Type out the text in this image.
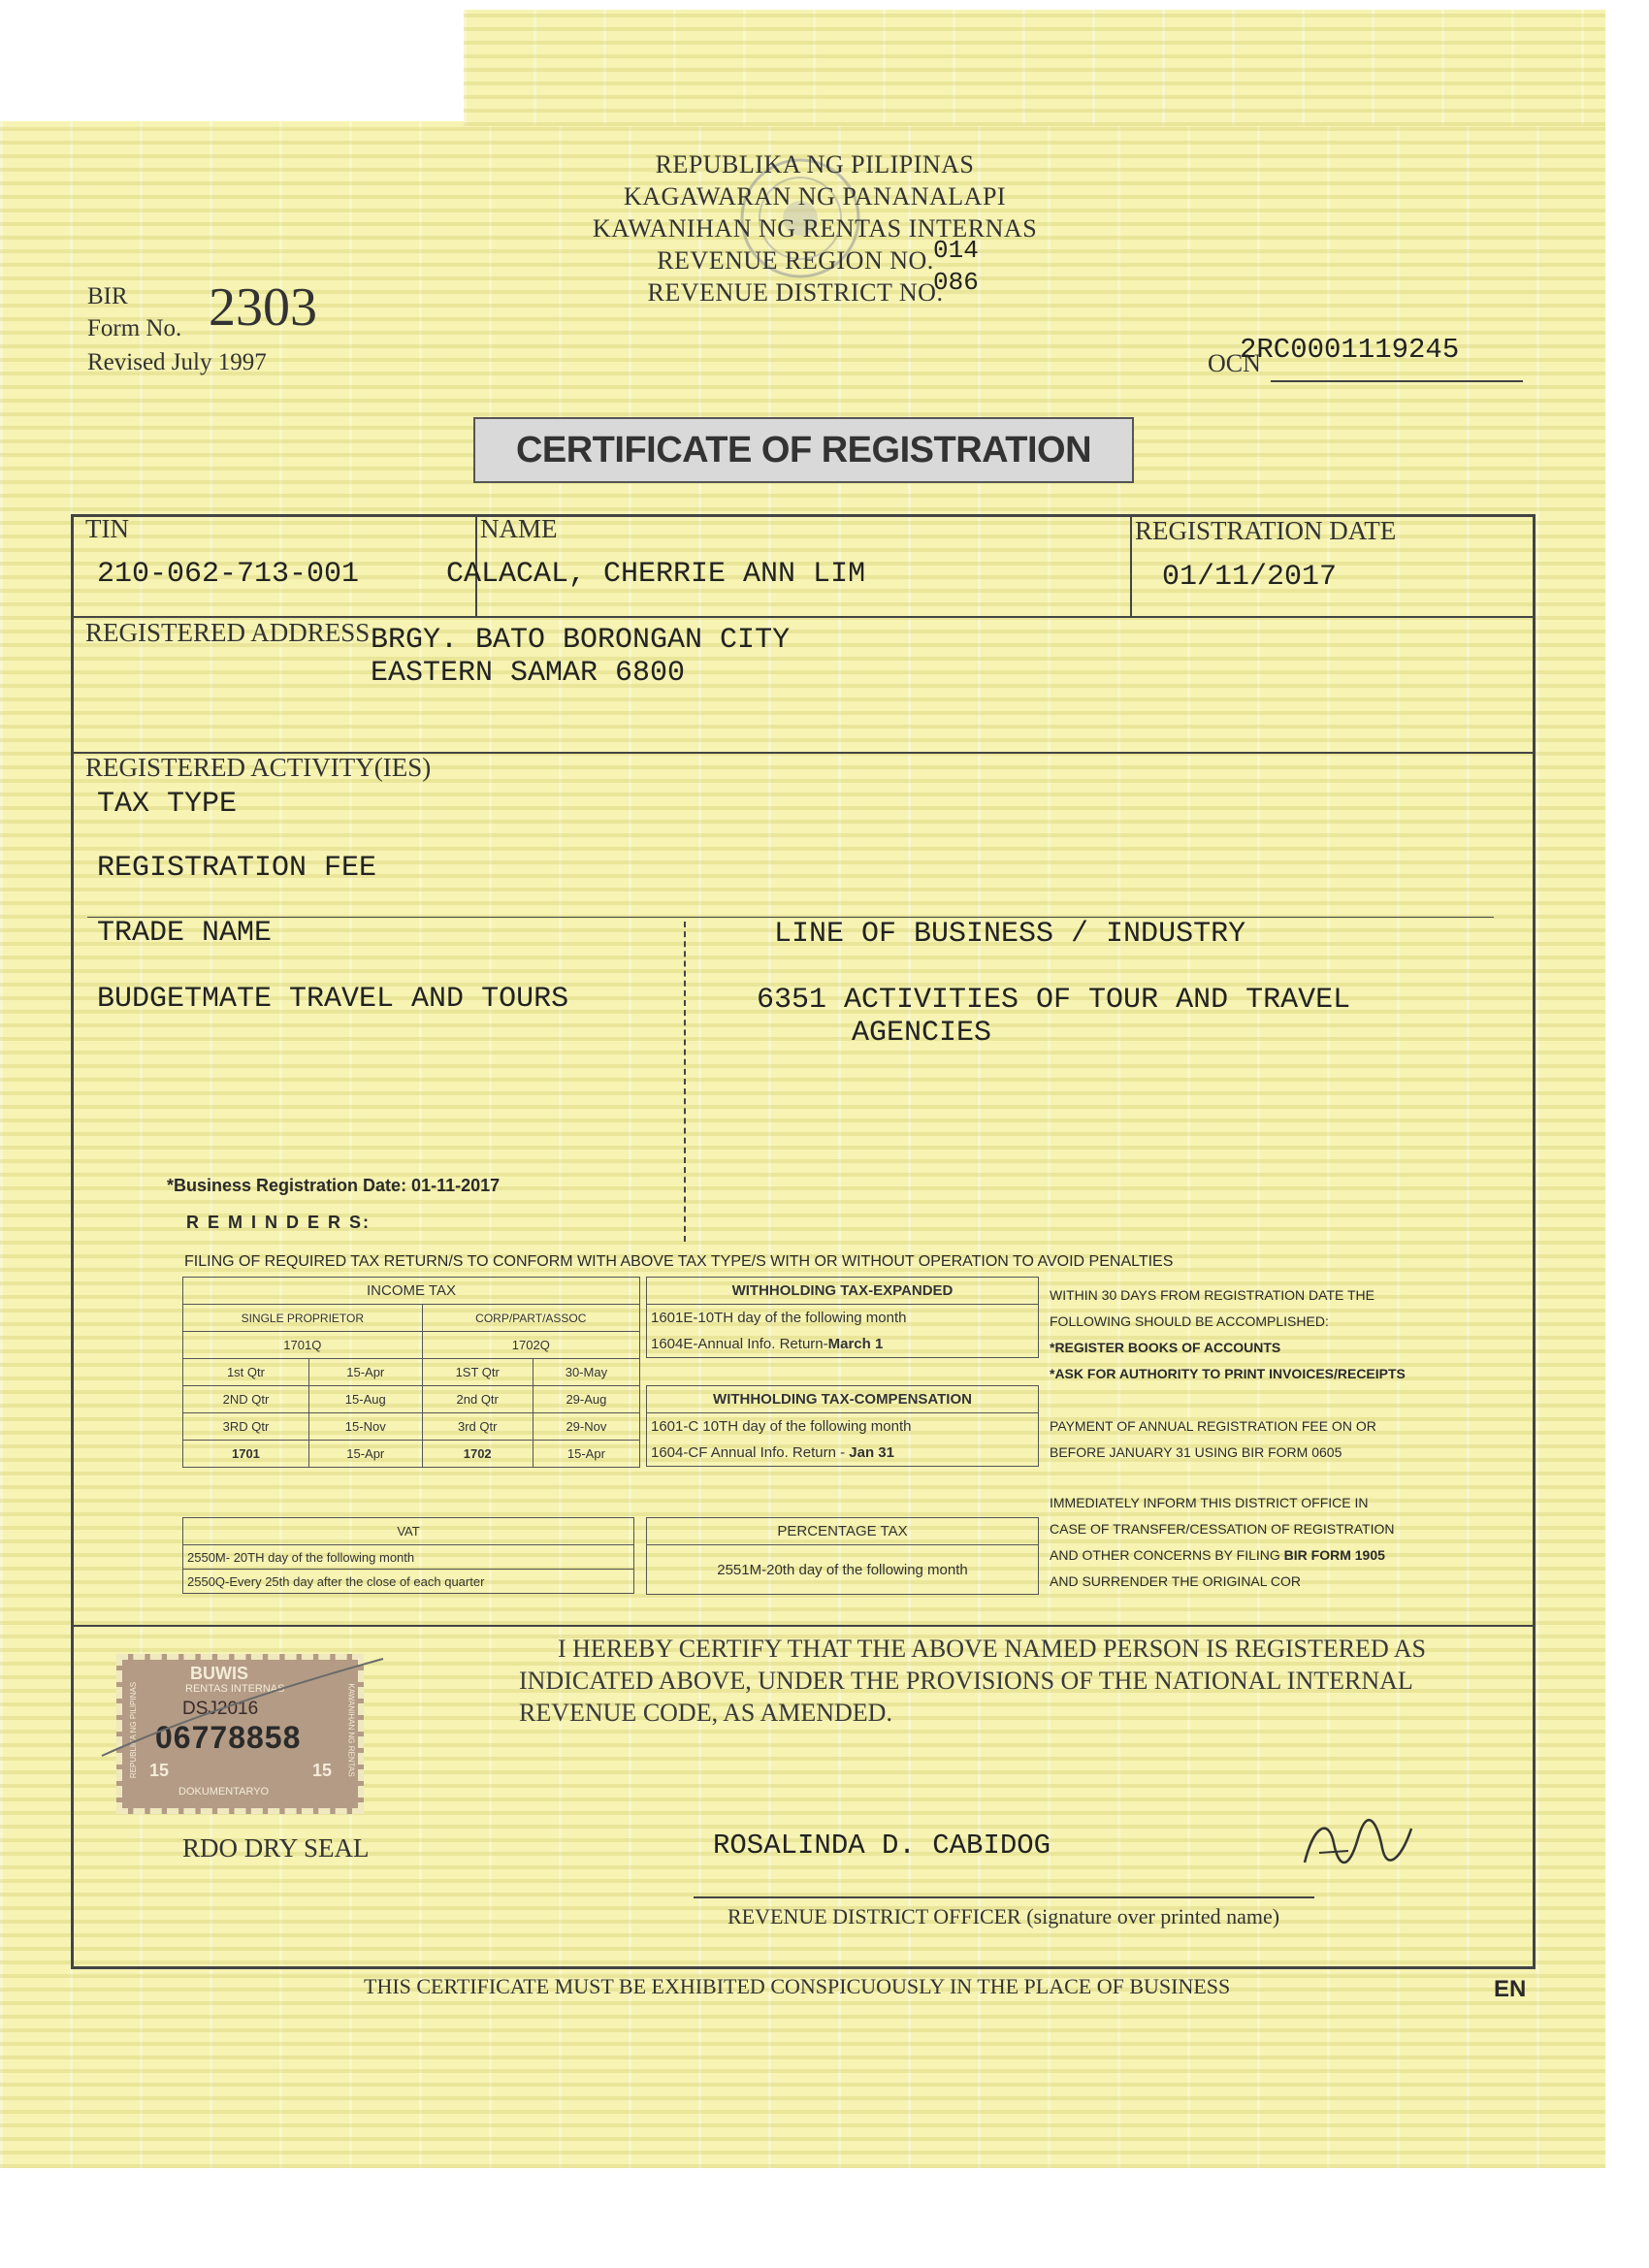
REPUBLIKA NG PILIPINAS
KAGAWARAN NG PANANALAPI
KAWANIHAN NG RENTAS INTERNAS
REVENUE REGION NO.
REVENUE DISTRICT NO.
014
086
BIR
Form No. 2303
Revised July 1997	OCN
2RC0001119245
CERTIFICATE OF REGISTRATION
TIN
210-062-713-001
NAME
CALACAL, CHERRIE ANN LIM
REGISTRATION DATE
01/11/2017
REGISTERED ADDRESS BRGY. BATO BORONGAN CITY
EASTERN SAMAR 6800
REGISTERED ACTIVITY(IES)
TAX TYPE
REGISTRATION FEE
TRADE NAME
BUDGETMATE TRAVEL AND TOURS
LINE OF BUSINESS / INDUSTRY
6351 ACTIVITIES OF TOUR AND TRAVEL
AGENCIES
*Business Registration Date: 01-11-2017
R E M I N D E R S:
FILING OF REQUIRED TAX RETURN/S TO CONFORM WITH ABOVE TAX TYPE/S WITH OR WITHOUT OPERATION TO AVOID PENALTIES
INCOME TAX			
SINGLE PROPRIETOR		CORP/PART/ASSOC	
1701Q		1702Q	
1st Qtr	15-Apr	1ST Qtr	30-May
2ND Qtr	15-Aug	2nd Qtr	29-Aug
3RD Qtr	15-Nov	3rd Qtr	29-Nov
1701	15-Apr	1702	15-Apr
WITHHOLDING TAX-EXPANDED
1601E-10TH day of the following month
1604E-Annual Info. Return-March 1
WITHHOLDING TAX-COMPENSATION
1601-C 10TH day of the following month
1604-CF Annual Info. Return - Jan 31
WITHIN 30 DAYS FROM REGISTRATION DATE THE
FOLLOWING SHOULD BE ACCOMPLISHED:
*REGISTER BOOKS OF ACCOUNTS
*ASK FOR AUTHORITY TO PRINT INVOICES/RECEIPTS
PAYMENT OF ANNUAL REGISTRATION FEE ON OR
BEFORE JANUARY 31 USING BIR FORM 0605
IMMEDIATELY INFORM THIS DISTRICT OFFICE IN
CASE OF TRANSFER/CESSATION OF REGISTRATION
AND OTHER CONCERNS BY FILING BIR FORM 1905
AND SURRENDER THE ORIGINAL COR
VAT
2550M- 20TH day of the following month
2550Q-Every 25th day after the close of each quarter
PERCENTAGE TAX
2551M-20th day of the following month
I HEREBY CERTIFY THAT THE ABOVE NAMED PERSON IS REGISTERED AS
INDICATED ABOVE, UNDER THE PROVISIONS OF THE NATIONAL INTERNAL
REVENUE CODE, AS AMENDED.
BUWIS
RENTAS INTERNAS
DSJ2016
06778858
15	15
DOKUMENTARYO
REPUBLIKA NG PILIPINAS	KAWANIHAN NG RENTAS
RDO DRY SEAL	ROSALINDA D. CABIDOG
REVENUE DISTRICT OFFICER (signature over printed name)
THIS CERTIFICATE MUST BE EXHIBITED CONSPICUOUSLY IN THE PLACE OF BUSINESS	EN
